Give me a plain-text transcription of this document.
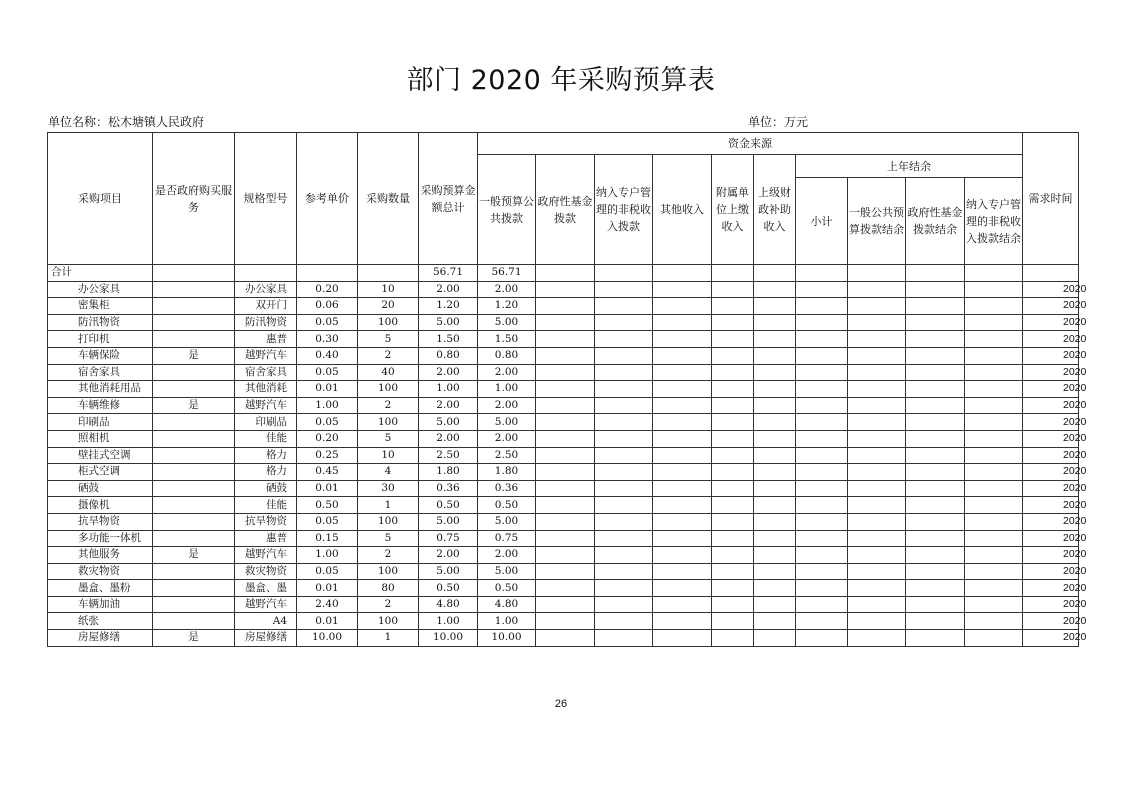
部门 2020 年采购预算表
单位名称：松木塘镇人民政府	单位：万元
采购项目	是否政府购买服务	规格型号	参考单价	采购数量	采购预算金额总计	资金来源										需求时间
						一般预算公共拨款	政府性基金拨款	纳入专户管理的非税收入拨款	其他收入	附属单位上缴收入	上级财政补助收入	上年结余				
												小计	一般公共预算拨款结余	政府性基金拨款结余	纳入专户管理的非税收入拨款结余	
合计					56.71	56.71										
办公家具		办公家具	0.20	10	2.00	2.00										2020
密集柜		双开门	0.06	20	1.20	1.20										2020
防汛物资		防汛物资	0.05	100	5.00	5.00										2020
打印机		惠普	0.30	5	1.50	1.50										2020
车辆保险	是	越野汽车	0.40	2	0.80	0.80										2020
宿舍家具		宿舍家具	0.05	40	2.00	2.00										2020
其他消耗用品		其他消耗	0.01	100	1.00	1.00										2020
车辆维修	是	越野汽车	1.00	2	2.00	2.00										2020
印刷品		印刷品	0.05	100	5.00	5.00										2020
照相机		佳能	0.20	5	2.00	2.00										2020
壁挂式空调		格力	0.25	10	2.50	2.50										2020
柜式空调		格力	0.45	4	1.80	1.80										2020
硒鼓		硒鼓	0.01	30	0.36	0.36										2020
摄像机		佳能	0.50	1	0.50	0.50										2020
抗旱物资		抗旱物资	0.05	100	5.00	5.00										2020
多功能一体机		惠普	0.15	5	0.75	0.75										2020
其他服务	是	越野汽车	1.00	2	2.00	2.00										2020
救灾物资		救灾物资	0.05	100	5.00	5.00										2020
墨盒、墨粉		墨盒、墨	0.01	80	0.50	0.50										2020
车辆加油		越野汽车	2.40	2	4.80	4.80										2020
纸张		A4	0.01	100	1.00	1.00										2020
房屋修缮	是	房屋修缮	10.00	1	10.00	10.00										2020
26
